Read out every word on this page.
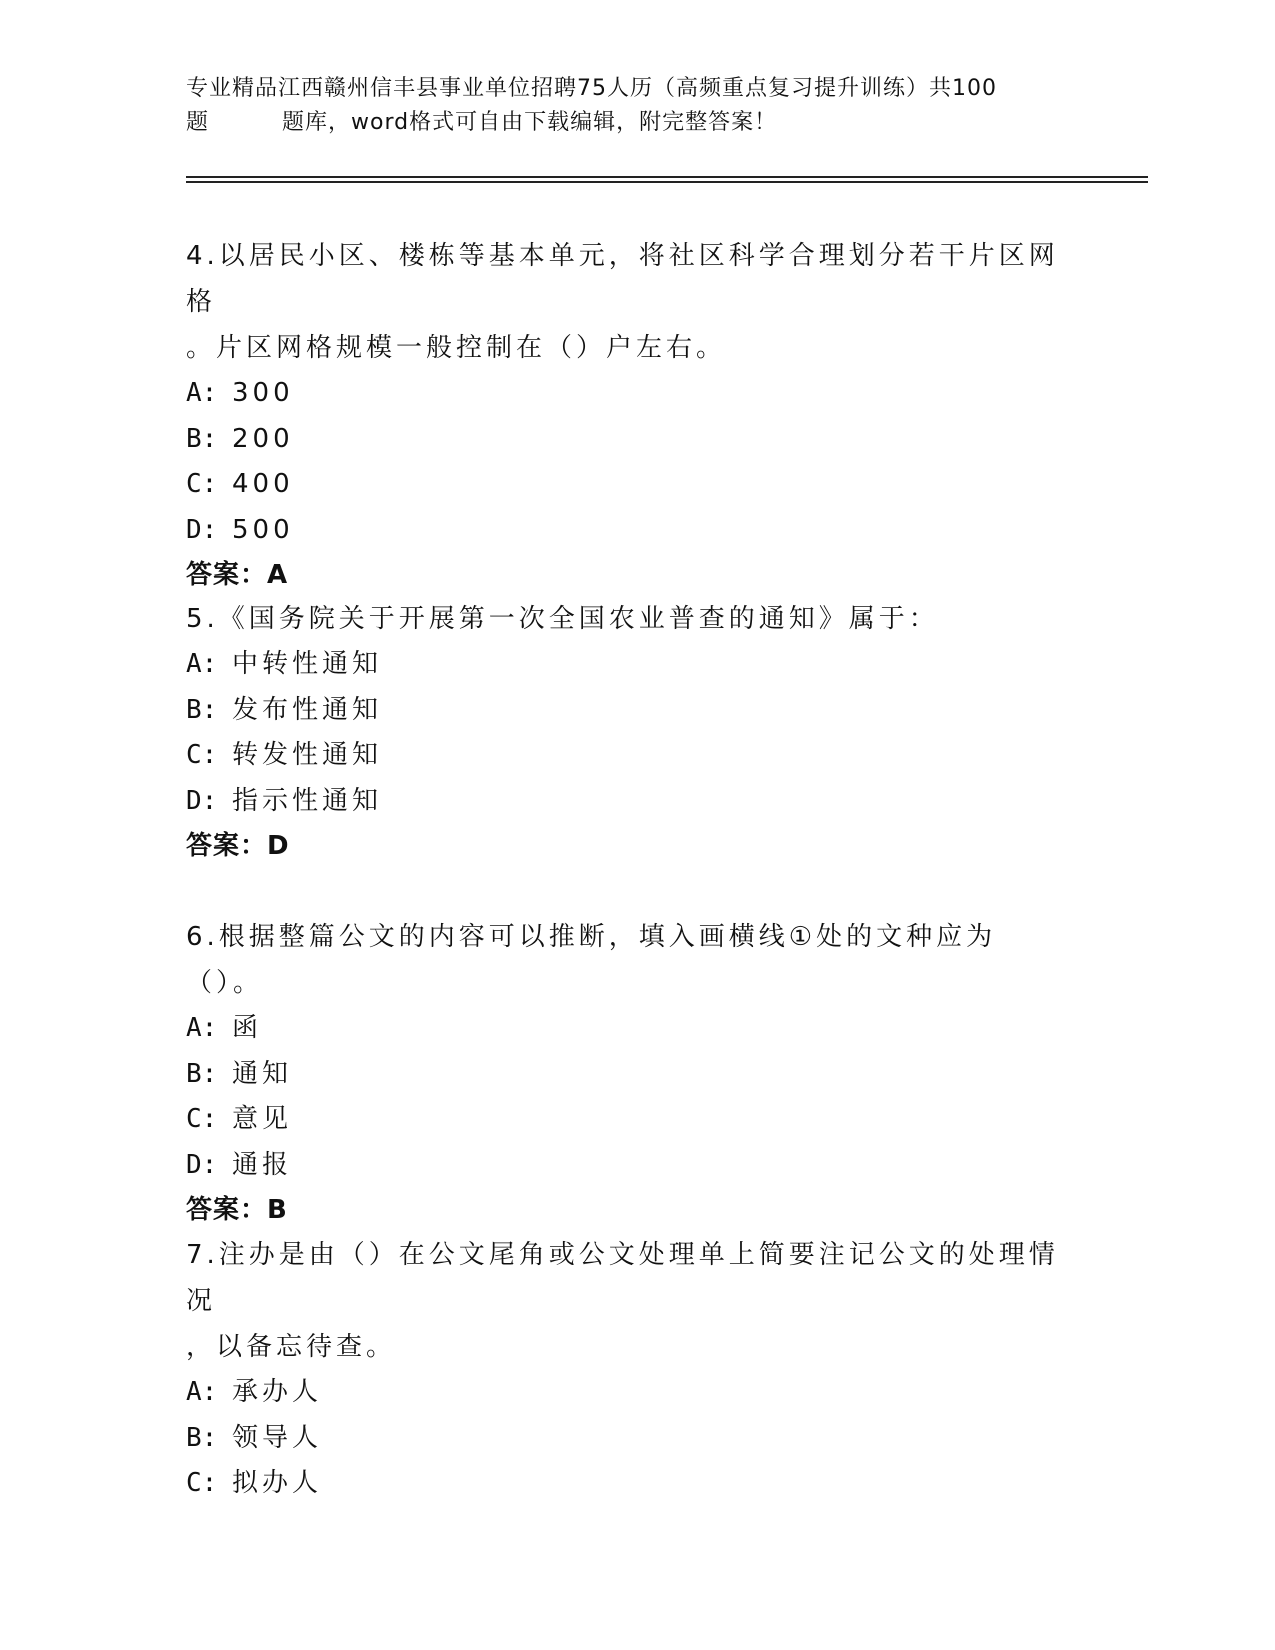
专业精品江西赣州信丰县事业单位招聘75人历（高频重点复习提升训练）共100
题	题库，word格式可自由下载编辑，附完整答案！
4.以居民小区、楼栋等基本单元，将社区科学合理划分若干片区网格
。片区网格规模一般控制在（）户左右。
A: 300
B: 200
C: 400
D: 500
答案：A
5.《国务院关于开展第一次全国农业普查的通知》属于：
A: 中转性通知
B: 发布性通知
C: 转发性通知
D: 指示性通知
答案：D
6.根据整篇公文的内容可以推断，填入画横线①处的文种应为（）。
A: 函
B: 通知
C: 意见
D: 通报
答案：B
7.注办是由（）在公文尾角或公文处理单上简要注记公文的处理情况
，以备忘待查。
A: 承办人
B: 领导人
C: 拟办人
